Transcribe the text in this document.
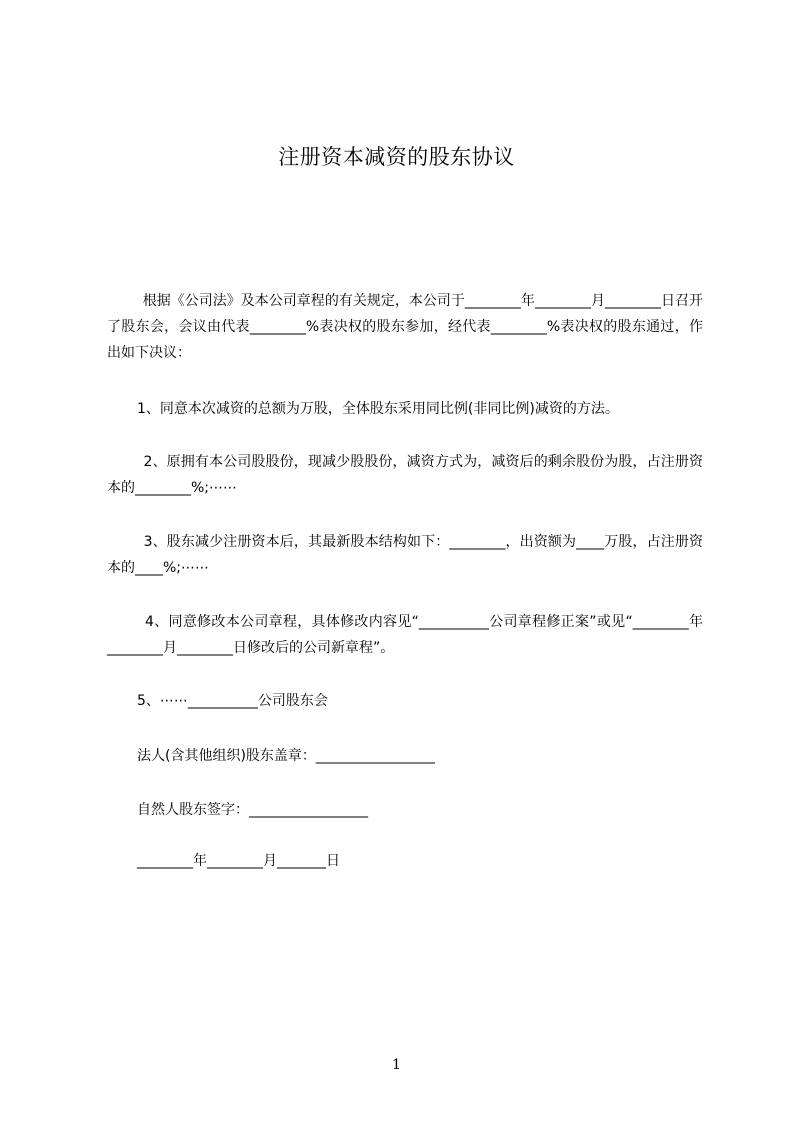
注册资本减资的股东协议
根据《公司法》及本公司章程的有关规定，本公司于________年________月________日召开了股东会，会议由代表________%表决权的股东参加，经代表________%表决权的股东通过，作出如下决议：
1、同意本次减资的总额为万股，全体股东采用同比例(非同比例)减资的方法。
2、原拥有本公司股股份，现减少股股份，减资方式为，减资后的剩余股份为股，占注册资本的________%;⋯⋯
3、股东减少注册资本后，其最新股本结构如下：________，出资额为____万股，占注册资本的____%;⋯⋯
4、同意修改本公司章程，具体修改内容见“__________公司章程修正案”或见“________年________月________日修改后的公司新章程”。
5、⋯⋯__________公司股东会
法人(含其他组织)股东盖章：_________________
自然人股东签字：_________________
________年________月_______日
1
